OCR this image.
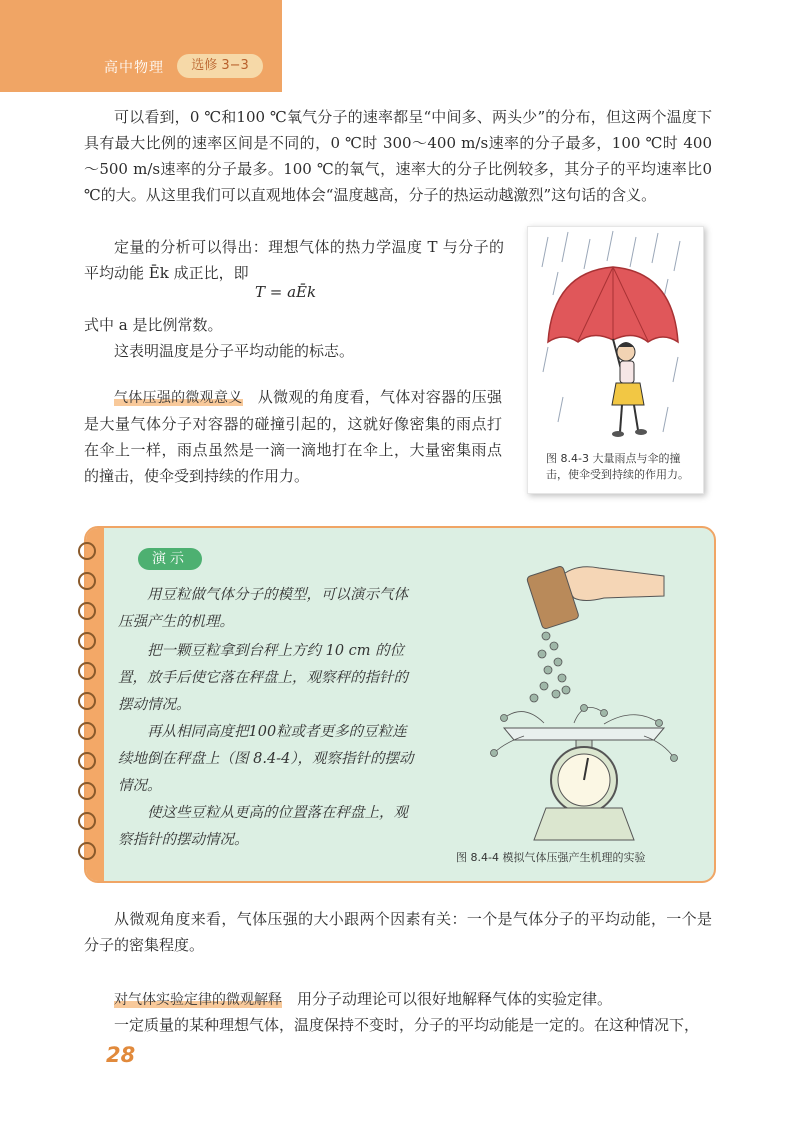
高中物理	选修 3−3

可以看到，0 ℃和100 ℃氧气分子的速率都呈“中间多、两头少”的分布，但这两个温度下具有最大比例的速率区间是不同的，0 ℃时 300～400 m/s速率的分子最多，100 ℃时 400 ～500 m/s速率的分子最多。100 ℃的氧气，速率大的分子比例较多，其分子的平均速率比0 ℃的大。从这里我们可以直观地体会“温度越高，分子的热运动越激烈”这句话的含义。

定量的分析可以得出：理想气体的热力学温度 T 与分子的平均动能 Ēk 成正比，即

T = aĒk

式中 a 是比例常数。

这表明温度是分子平均动能的标志。

气体压强的微观意义　 从微观的角度看，气体对容器的压强是大量气体分子对容器的碰撞引起的，这就好像密集的雨点打在伞上一样，雨点虽然是一滴一滴地打在伞上，大量密集雨点的撞击，使伞受到持续的作用力。

图 8.4-3 大量雨点与伞的撞
击，使伞受到持续的作用力。
演示

用豆粒做气体分子的模型，可以演示气体压强产生的机理。

把一颗豆粒拿到台秤上方约 10 cm 的位置，放手后使它落在秤盘上，观察秤的指针的摆动情况。

再从相同高度把100粒或者更多的豆粒连续地倒在秤盘上（图 8.4-4），观察指针的摆动情况。

使这些豆粒从更高的位置落在秤盘上，观察指针的摆动情况。

图 8.4-4 模拟气体压强产生机理的实验

从微观角度来看，气体压强的大小跟两个因素有关：一个是气体分子的平均动能，一个是分子的密集程度。

对气体实验定律的微观解释　 用分子动理论可以很好地解释气体的实验定律。

一定质量的某种理想气体，温度保持不变时，分子的平均动能是一定的。在这种情况下，

28
